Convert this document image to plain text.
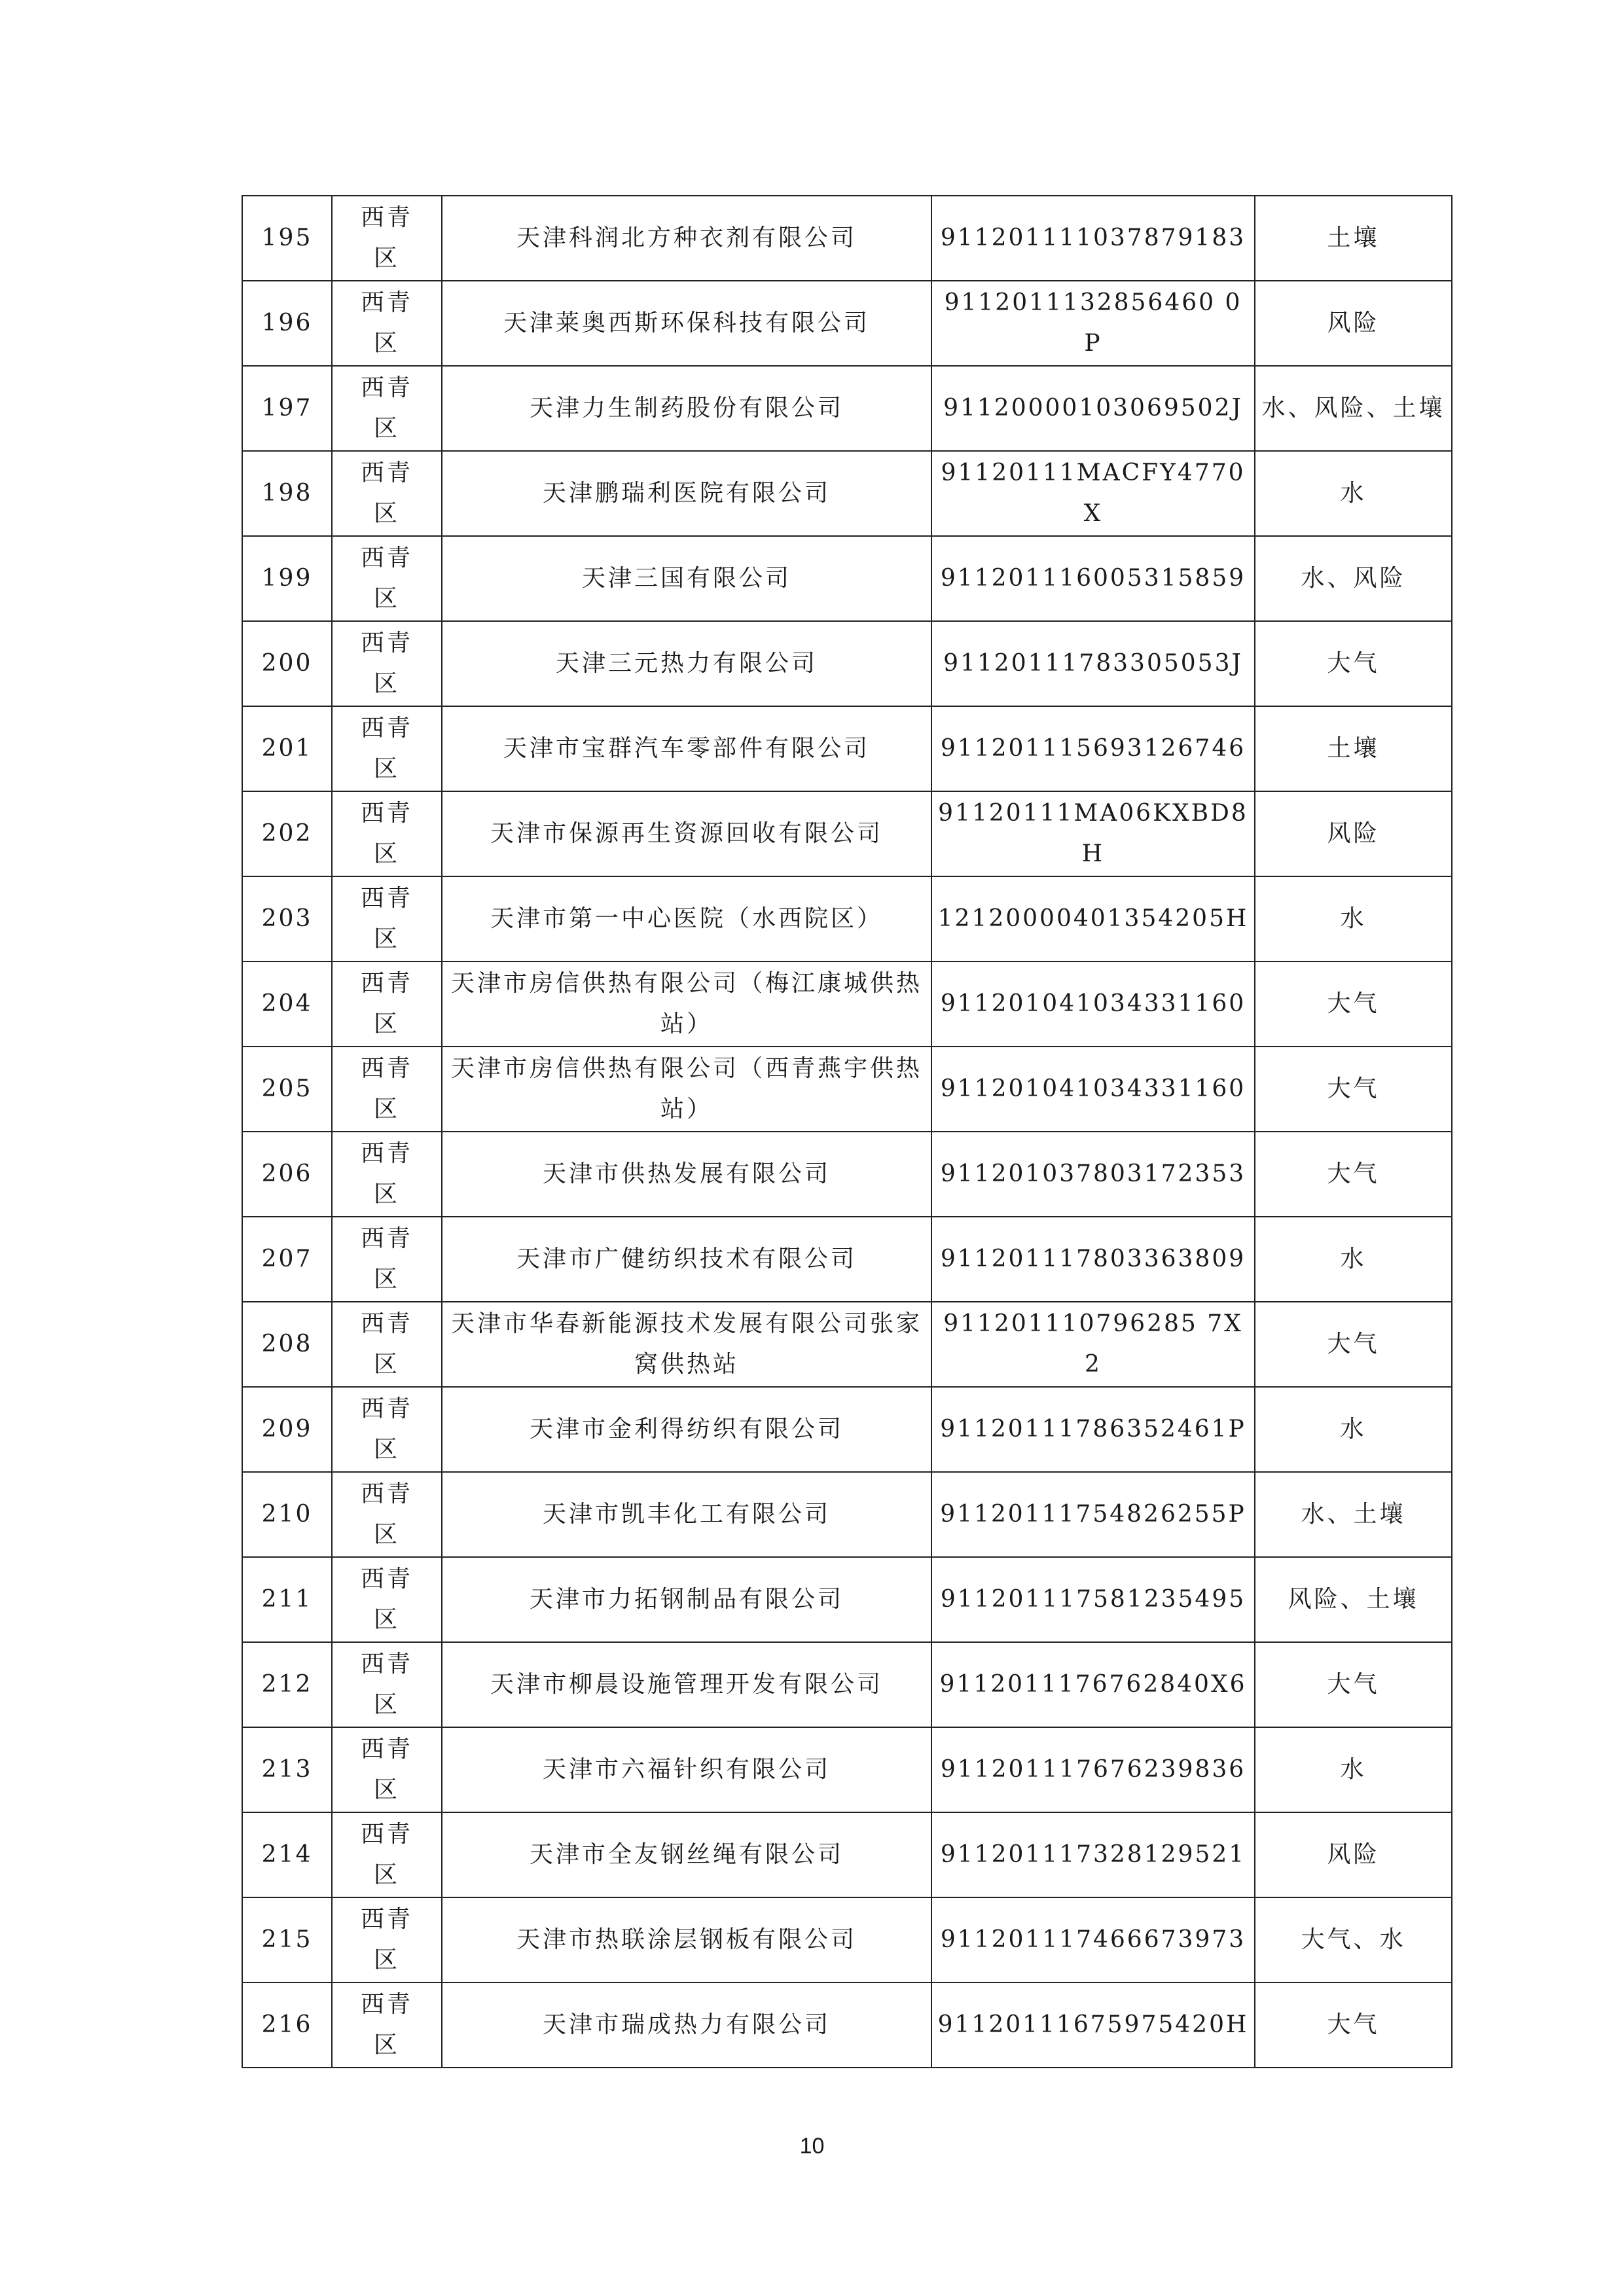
195	西青区	天津科润北方种衣剂有限公司	911201111037879183	土壤
196	西青区	天津莱奥西斯环保科技有限公司	9112011132856460 0P	风险
197	西青区	天津力生制药股份有限公司	91120000103069502J	水、风险、土壤
198	西青区	天津鹏瑞利医院有限公司	91120111MACFY4770X	水
199	西青区	天津三国有限公司	911201116005315859	水、风险
200	西青区	天津三元热力有限公司	91120111783305053J	大气
201	西青区	天津市宝群汽车零部件有限公司	911201115693126746	土壤
202	西青区	天津市保源再生资源回收有限公司	91120111MA06KXBD8H	风险
203	西青区	天津市第一中心医院（水西院区）	12120000401354205H	水
204	西青区	天津市房信供热有限公司（梅江康城供热站）	911201041034331160	大气
205	西青区	天津市房信供热有限公司（西青燕宇供热站）	911201041034331160	大气
206	西青区	天津市供热发展有限公司	911201037803172353	大气
207	西青区	天津市广健纺织技术有限公司	911201117803363809	水
208	西青区	天津市华春新能源技术发展有限公司张家窝供热站	911201110796285 7X2	大气
209	西青区	天津市金利得纺织有限公司	91120111786352461P	水
210	西青区	天津市凯丰化工有限公司	91120111754826255P	水、土壤
211	西青区	天津市力拓钢制品有限公司	911201117581235495	风险、土壤
212	西青区	天津市柳晨设施管理开发有限公司	9112011176762840X6	大气
213	西青区	天津市六福针织有限公司	911201117676239836	水
214	西青区	天津市全友钢丝绳有限公司	911201117328129521	风险
215	西青区	天津市热联涂层钢板有限公司	911201117466673973	大气、水
216	西青区	天津市瑞成热力有限公司	91120111675975420H	大气
10
